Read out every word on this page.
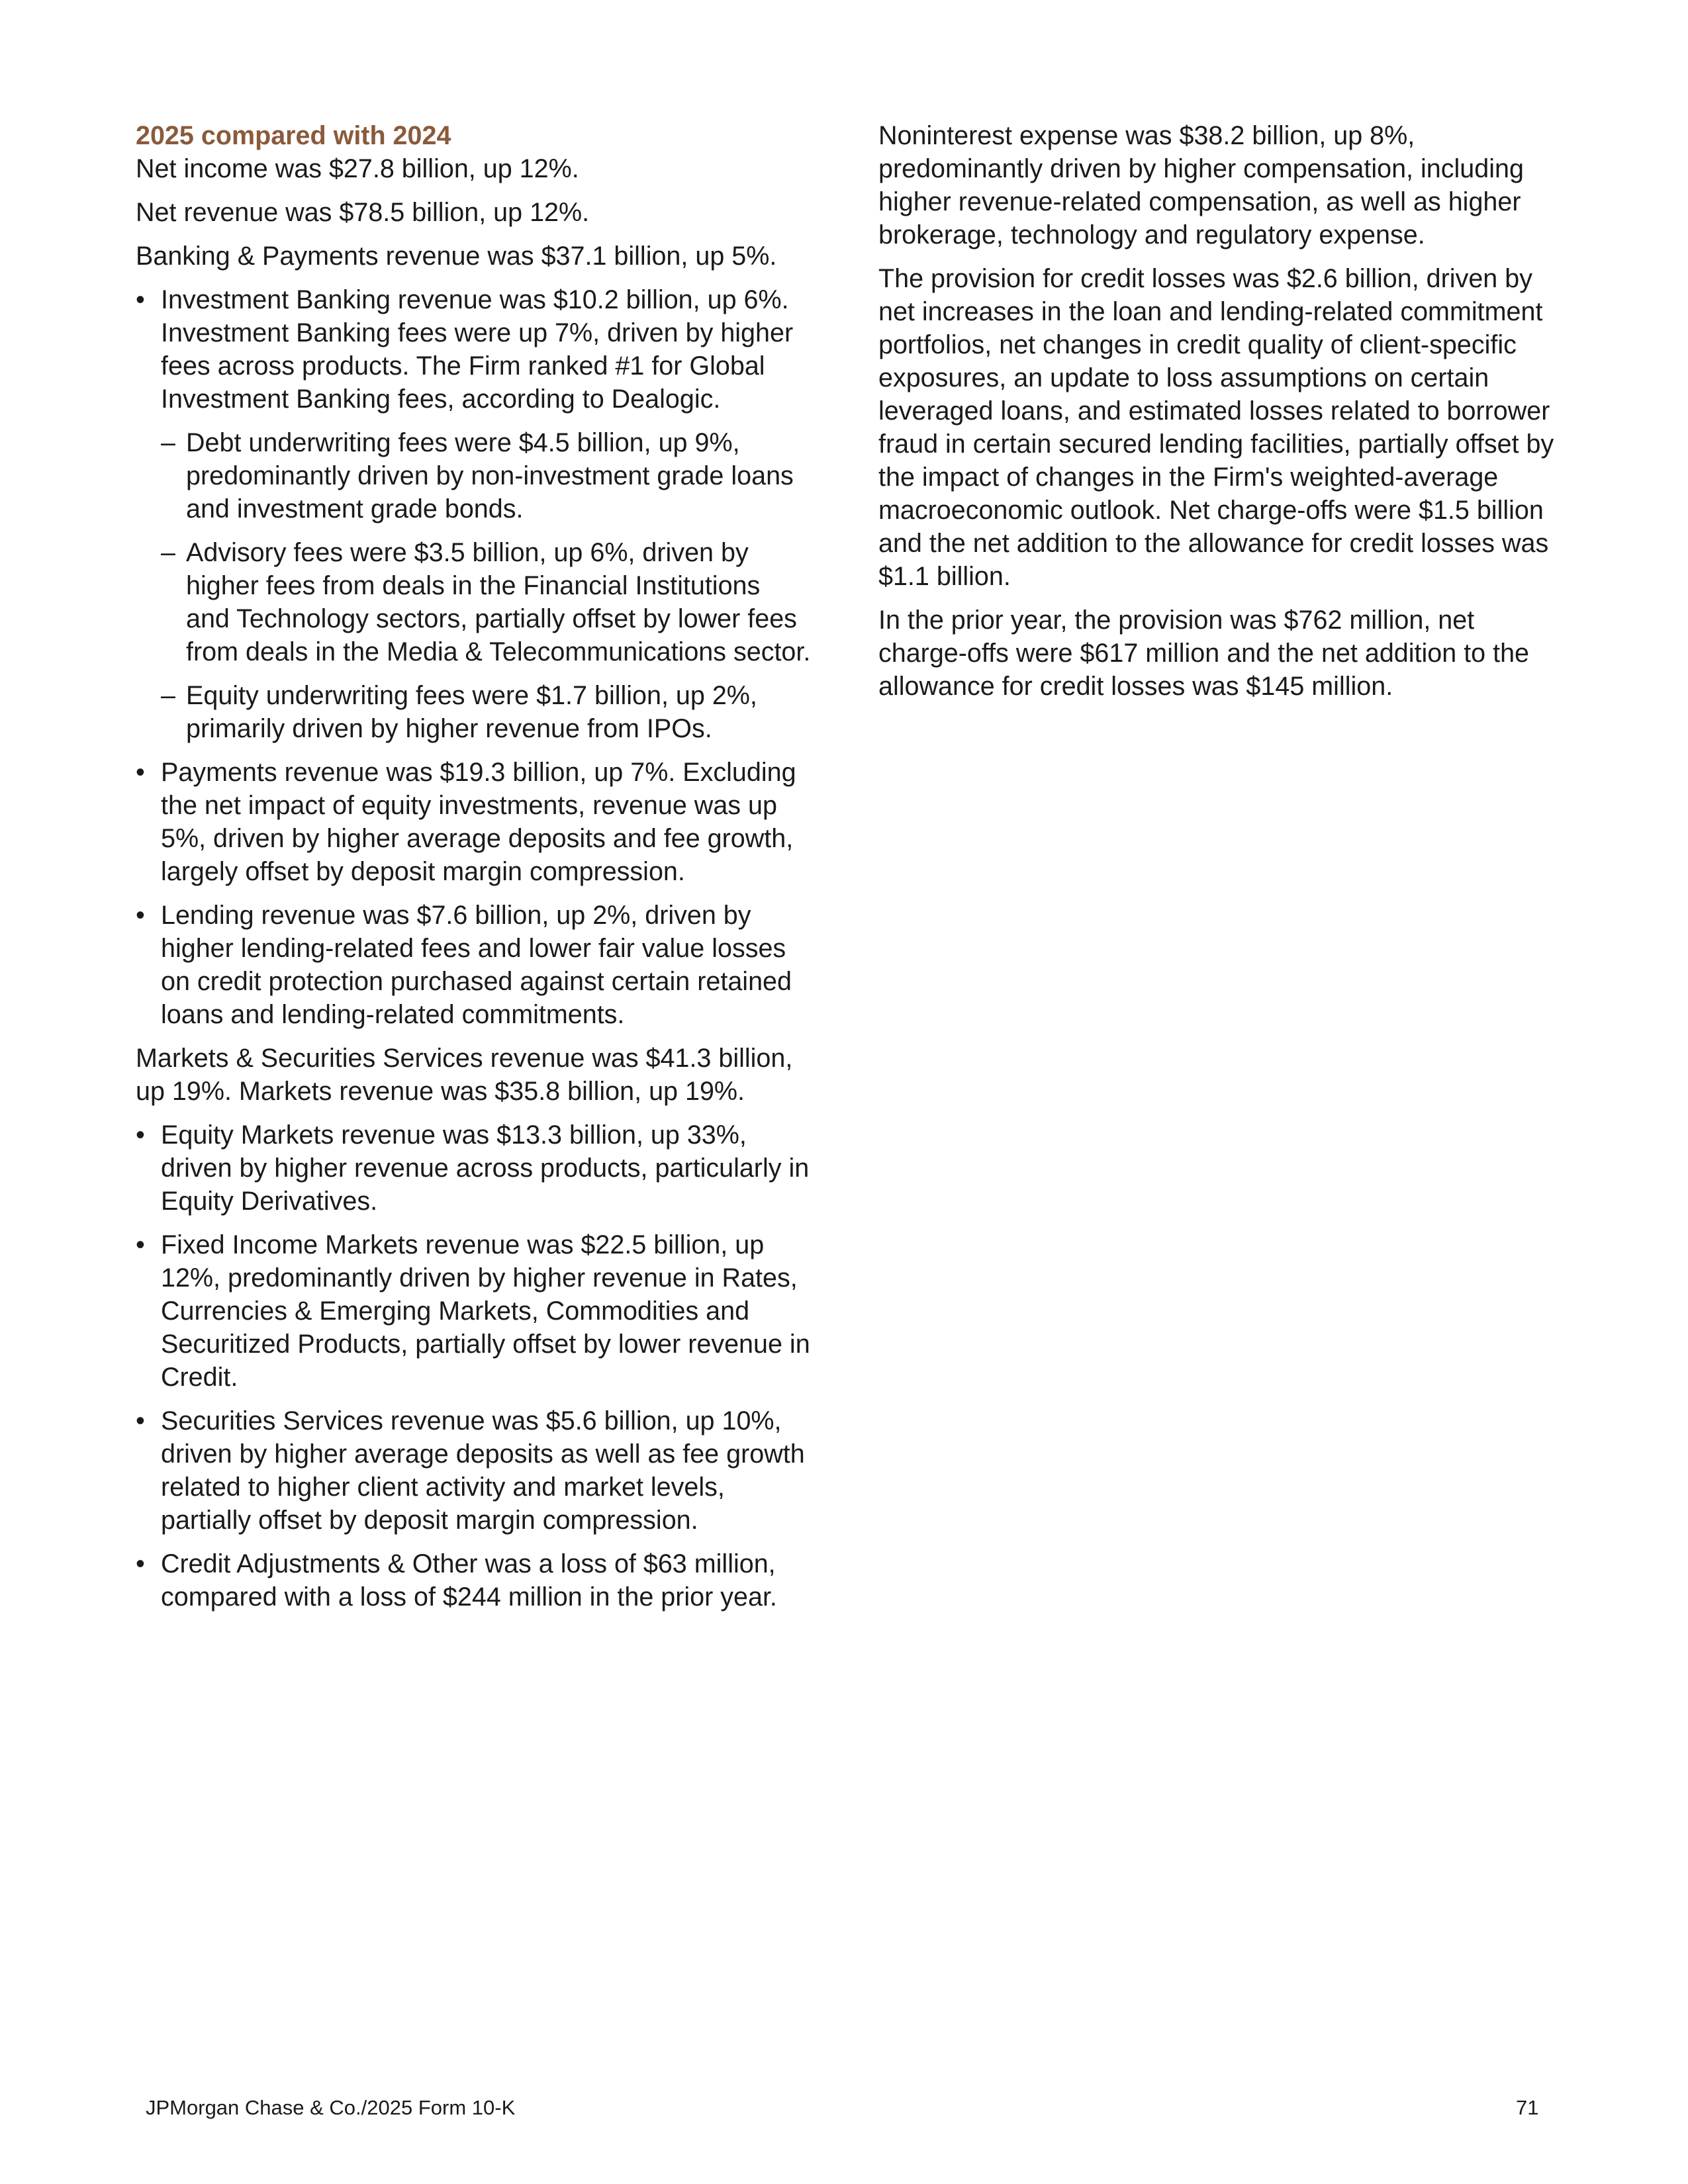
2025 compared with 2024

Net income was $27.8 billion, up 12%.

Net revenue was $78.5 billion, up 12%.

Banking & Payments revenue was $37.1 billion, up 5%.

• Investment Banking revenue was $10.2 billion, up 6%. Investment Banking fees were up 7%, driven by higher fees across products. The Firm ranked #1 for Global Investment Banking fees, according to Dealogic.
– Debt underwriting fees were $4.5 billion, up 9%, predominantly driven by non-investment grade loans and investment grade bonds.
– Advisory fees were $3.5 billion, up 6%, driven by higher fees from deals in the Financial Institutions and Technology sectors, partially offset by lower fees from deals in the Media & Telecommunications sector.
– Equity underwriting fees were $1.7 billion, up 2%, primarily driven by higher revenue from IPOs.
• Payments revenue was $19.3 billion, up 7%. Excluding the net impact of equity investments, revenue was up 5%, driven by higher average deposits and fee growth, largely offset by deposit margin compression.
• Lending revenue was $7.6 billion, up 2%, driven by higher lending-related fees and lower fair value losses on credit protection purchased against certain retained loans and lending-related commitments.

Markets & Securities Services revenue was $41.3 billion, up 19%. Markets revenue was $35.8 billion, up 19%.

• Equity Markets revenue was $13.3 billion, up 33%, driven by higher revenue across products, particularly in Equity Derivatives.
• Fixed Income Markets revenue was $22.5 billion, up 12%, predominantly driven by higher revenue in Rates, Currencies & Emerging Markets, Commodities and Securitized Products, partially offset by lower revenue in Credit.
• Securities Services revenue was $5.6 billion, up 10%, driven by higher average deposits as well as fee growth related to higher client activity and market levels, partially offset by deposit margin compression.
• Credit Adjustments & Other was a loss of $63 million, compared with a loss of $244 million in the prior year.

Noninterest expense was $38.2 billion, up 8%, predominantly driven by higher compensation, including higher revenue-related compensation, as well as higher brokerage, technology and regulatory expense.

The provision for credit losses was $2.6 billion, driven by net increases in the loan and lending-related commitment portfolios, net changes in credit quality of client-specific exposures, an update to loss assumptions on certain leveraged loans, and estimated losses related to borrower fraud in certain secured lending facilities, partially offset by the impact of changes in the Firm's weighted-average macroeconomic outlook. Net charge-offs were $1.5 billion and the net addition to the allowance for credit losses was $1.1 billion.

In the prior year, the provision was $762 million, net charge-offs were $617 million and the net addition to the allowance for credit losses was $145 million.

JPMorgan Chase & Co./2025 Form 10-K	71
